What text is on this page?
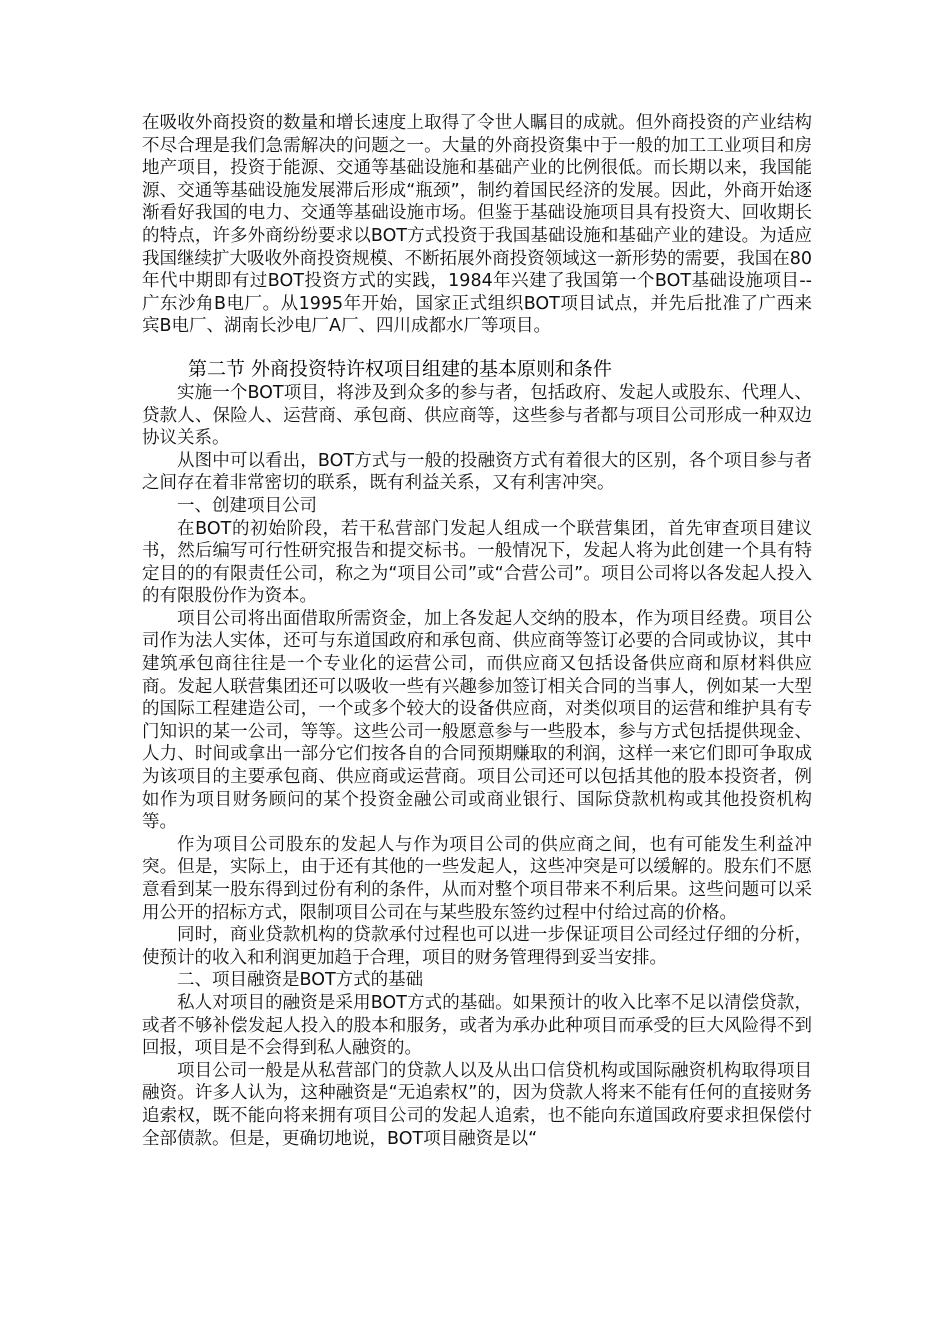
在吸收外商投资的数量和增长速度上取得了令世人瞩目的成就。但外商投资的产业结构不尽合理是我们急需解决的问题之一。大量的外商投资集中于一般的加工工业项目和房地产项目，投资于能源、交通等基础设施和基础产业的比例很低。而长期以来，我国能源、交通等基础设施发展滞后形成“瓶颈”，制约着国民经济的发展。因此，外商开始逐渐看好我国的电力、交通等基础设施市场。但鉴于基础设施项目具有投资大、回收期长的特点，许多外商纷纷要求以BOT方式投资于我国基础设施和基础产业的建设。为适应我国继续扩大吸收外商投资规模、不断拓展外商投资领域这一新形势的需要，我国在80年代中期即有过BOT投资方式的实践，1984年兴建了我国第一个BOT基础设施项目--广东沙角B电厂。从1995年开始，国家正式组织BOT项目试点，并先后批准了广西来宾B电厂、湖南长沙电厂A厂、四川成都水厂等项目。

第二节 外商投资特许权项目组建的基本原则和条件

实施一个BOT项目，将涉及到众多的参与者，包括政府、发起人或股东、代理人、贷款人、保险人、运营商、承包商、供应商等，这些参与者都与项目公司形成一种双边协议关系。

从图中可以看出，BOT方式与一般的投融资方式有着很大的区别，各个项目参与者之间存在着非常密切的联系，既有利益关系，又有利害冲突。

一、创建项目公司

在BOT的初始阶段，若干私营部门发起人组成一个联营集团，首先审查项目建议书，然后编写可行性研究报告和提交标书。一般情况下，发起人将为此创建一个具有特定目的的有限责任公司，称之为“项目公司”或“合营公司”。项目公司将以各发起人投入的有限股份作为资本。

项目公司将出面借取所需资金，加上各发起人交纳的股本，作为项目经费。项目公司作为法人实体，还可与东道国政府和承包商、供应商等签订必要的合同或协议，其中建筑承包商往往是一个专业化的运营公司，而供应商又包括设备供应商和原材料供应商。发起人联营集团还可以吸收一些有兴趣参加签订相关合同的当事人，例如某一大型的国际工程建造公司，一个或多个较大的设备供应商，对类似项目的运营和维护具有专门知识的某一公司，等等。这些公司一般愿意参与一些股本，参与方式包括提供现金、人力、时间或拿出一部分它们按各自的合同预期赚取的利润，这样一来它们即可争取成为该项目的主要承包商、供应商或运营商。项目公司还可以包括其他的股本投资者，例如作为项目财务顾问的某个投资金融公司或商业银行、国际贷款机构或其他投资机构等。

作为项目公司股东的发起人与作为项目公司的供应商之间，也有可能发生利益冲突。但是，实际上，由于还有其他的一些发起人，这些冲突是可以缓解的。股东们不愿意看到某一股东得到过份有利的条件，从而对整个项目带来不利后果。这些问题可以采用公开的招标方式，限制项目公司在与某些股东签约过程中付给过高的价格。

同时，商业贷款机构的贷款承付过程也可以进一步保证项目公司经过仔细的分析，使预计的收入和利润更加趋于合理，项目的财务管理得到妥当安排。

二、项目融资是BOT方式的基础

私人对项目的融资是采用BOT方式的基础。如果预计的收入比率不足以清偿贷款，或者不够补偿发起人投入的股本和服务，或者为承办此种项目而承受的巨大风险得不到回报，项目是不会得到私人融资的。

项目公司一般是从私营部门的贷款人以及从出口信贷机构或国际融资机构取得项目融资。许多人认为，这种融资是“无追索权”的，因为贷款人将来不能有任何的直接财务追索权，既不能向将来拥有项目公司的发起人追索，也不能向东道国政府要求担保偿付全部债款。但是，更确切地说，BOT项目融资是以“
